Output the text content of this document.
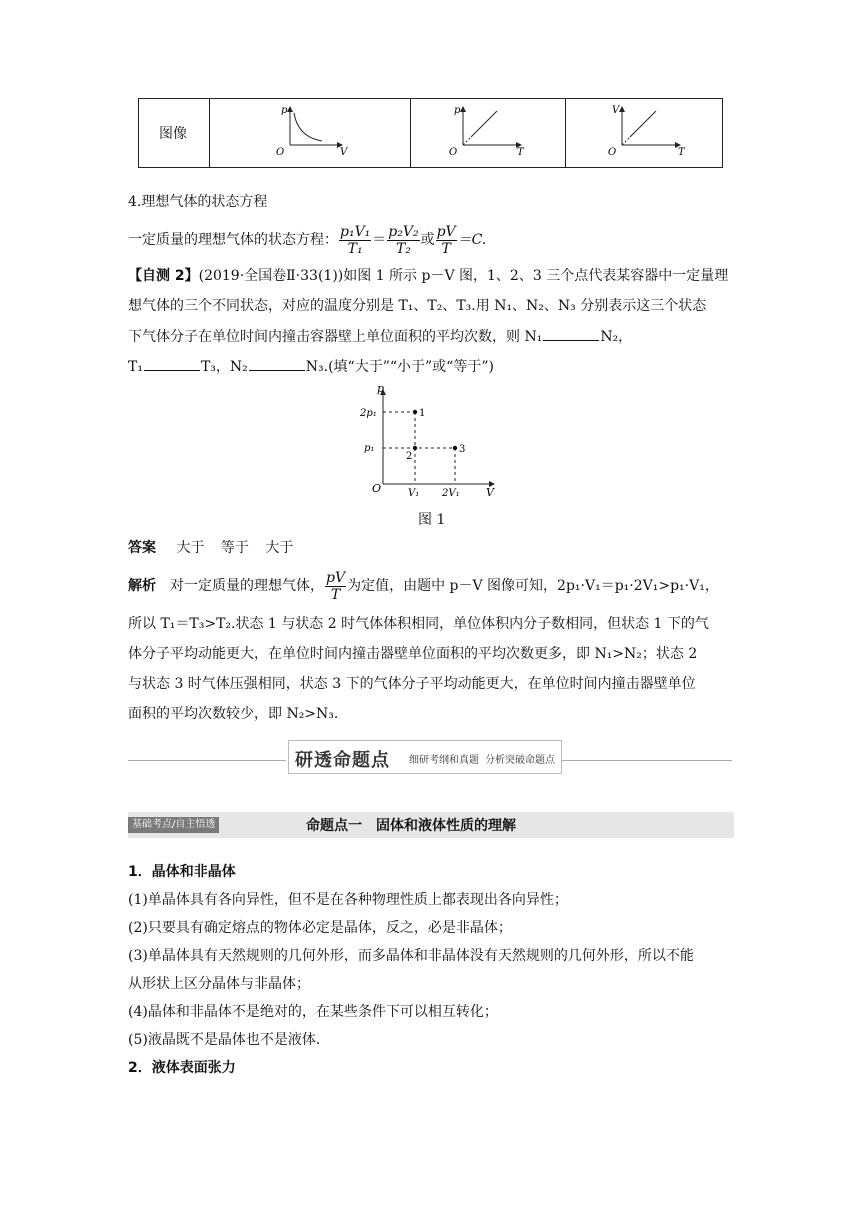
图像

p
O	V

p
O	T

V
O	T
4.理想气体的状态方程
一定质量的理想气体的状态方程： $\frac{\text{p₁V₁}}{\text{T₁}} = \frac{\text{p₂V₂}}{\text{T₂}}$ 或 $\frac{pV}{T} =C$.
【自测 2】(2019·全国卷Ⅱ·33(1))如图 1 所示 p－V 图，1、2、3 三个点代表某容器中一定量理
想气体的三个不同状态，对应的温度分别是 T₁、T₂、T₃.用 N₁、N₂、N₃ 分别表示这三个状态
下气体分子在单位时间内撞击容器壁上单位面积的平均次数，则 N₁	N₂，
T₁	T₃，N₂	N₃.(填“大于”“小于”或“等于”)
1
2
3
p
O	V
2p₁
p₁
V₁ 2V₁
图 1
答案 大于 等于 大于
解析 对一定质量的理想气体， $\frac{pV}{T}$ 为定值，由题中 p－V 图像可知，2p₁·V₁＝p₁·2V₁>p₁·V₁，
所以 T₁＝T₃>T₂.状态 1 与状态 2 时气体体积相同，单位体积内分子数相同，但状态 1 下的气
体分子平均动能更大，在单位时间内撞击器壁单位面积的平均次数更多，即 N₁>N₂；状态 2
与状态 3 时气体压强相同，状态 3 下的气体分子平均动能更大，在单位时间内撞击器壁单位
面积的平均次数较少，即 N₂>N₃.
研透命题点 细研考纲和真题 分析突破命题点
基础考点/自主悟透	命题点一　固体和液体性质的理解
1．晶体和非晶体
(1)单晶体具有各向异性，但不是在各种物理性质上都表现出各向异性；
(2)只要具有确定熔点的物体必定是晶体，反之，必是非晶体；
(3)单晶体具有天然规则的几何外形，而多晶体和非晶体没有天然规则的几何外形，所以不能
从形状上区分晶体与非晶体；
(4)晶体和非晶体不是绝对的，在某些条件下可以相互转化；
(5)液晶既不是晶体也不是液体．
2．液体表面张力
